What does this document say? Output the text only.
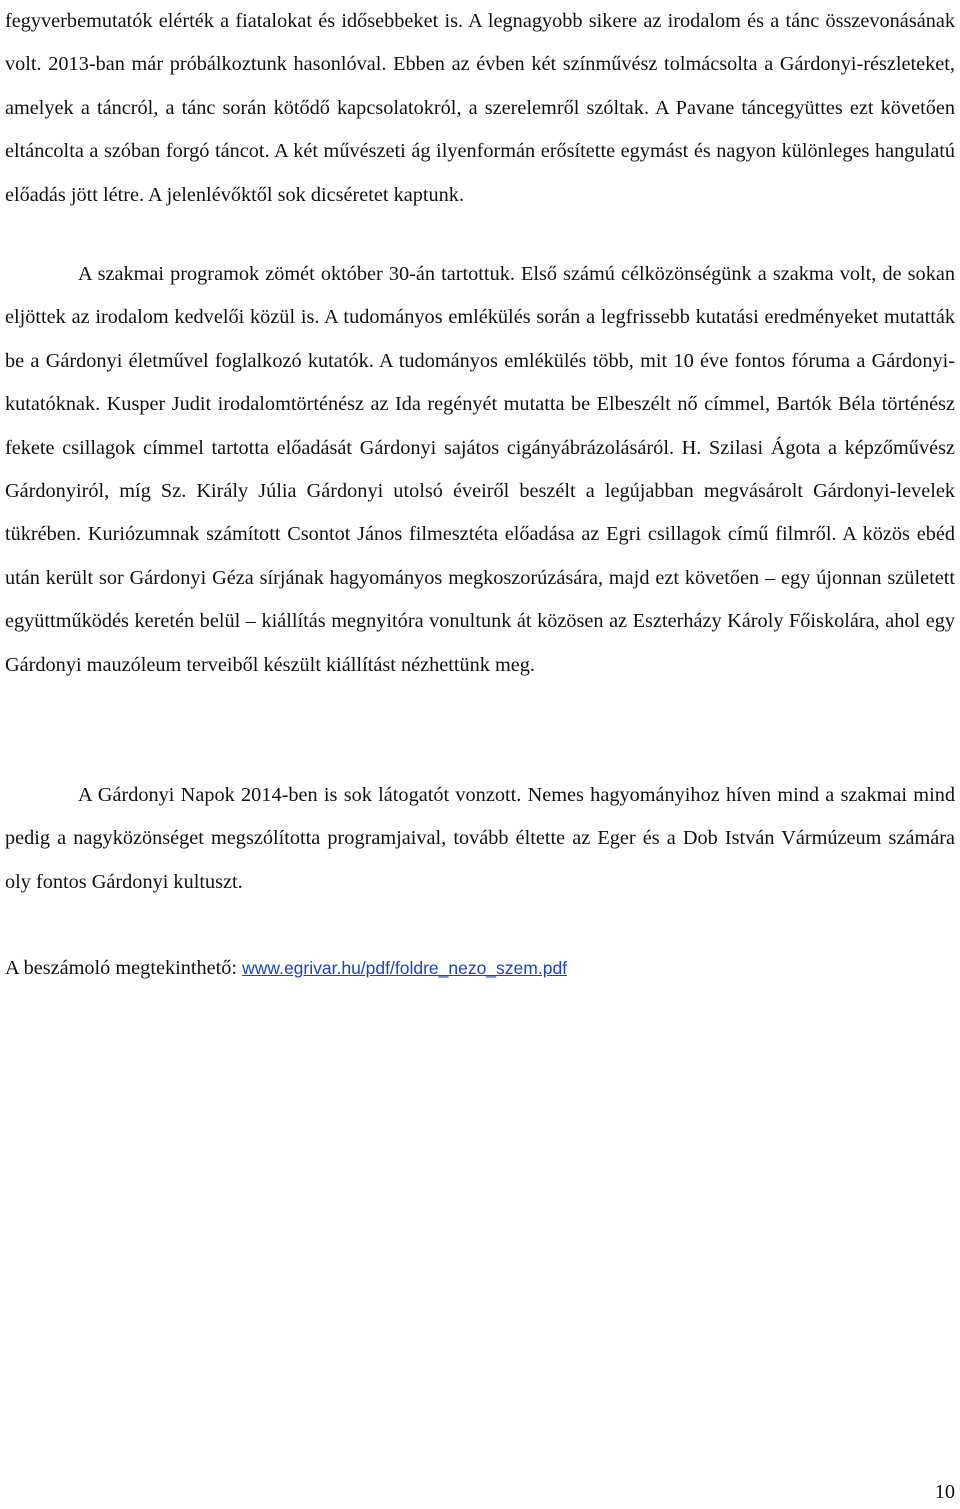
fegyverbemutatók elérték a fiatalokat és idősebbeket is. A legnagyobb sikere az irodalom és a tánc összevonásának volt. 2013-ban már próbálkoztunk hasonlóval. Ebben az évben két színművész tolmácsolta a Gárdonyi-részleteket, amelyek a táncról, a tánc során kötődő kapcsolatokról, a szerelemről szóltak. A Pavane táncegyüttes ezt követően eltáncolta a szóban forgó táncot. A két művészeti ág ilyenformán erősítette egymást és nagyon különleges hangulatú előadás jött létre. A jelenlévőktől sok dicséretet kaptunk.

A szakmai programok zömét október 30-án tartottuk. Első számú célközönségünk a szakma volt, de sokan eljöttek az irodalom kedvelői közül is. A tudományos emlékülés során a legfrissebb kutatási eredményeket mutatták be a Gárdonyi életművel foglalkozó kutatók. A tudományos emlékülés több, mit 10 éve fontos fóruma a Gárdonyi-kutatóknak. Kusper Judit irodalomtörténész az Ida regényét mutatta be Elbeszélt nő címmel, Bartók Béla történész fekete csillagok címmel tartotta előadását Gárdonyi sajátos cigányábrázolásáról. H. Szilasi Ágota a képzőművész Gárdonyiról, míg Sz. Király Júlia Gárdonyi utolsó éveiről beszélt a legújabban megvásárolt Gárdonyi-levelek tükrében. Kuriózumnak számított Csontot János filmesztéta előadása az Egri csillagok című filmről. A közös ebéd után került sor Gárdonyi Géza sírjának hagyományos megkoszorúzására, majd ezt követően – egy újonnan született együttműködés keretén belül – kiállítás megnyitóra vonultunk át közösen az Eszterházy Károly Főiskolára, ahol egy Gárdonyi mauzóleum terveiből készült kiállítást nézhettünk meg.

A Gárdonyi Napok 2014-ben is sok látogatót vonzott. Nemes hagyományihoz híven mind a szakmai mind pedig a nagyközönséget megszólította programjaival, tovább éltette az Eger és a Dob István Vármúzeum számára oly fontos Gárdonyi kultuszt.

A beszámoló megtekinthető: www.egrivar.hu/pdf/foldre_nezo_szem.pdf
10
